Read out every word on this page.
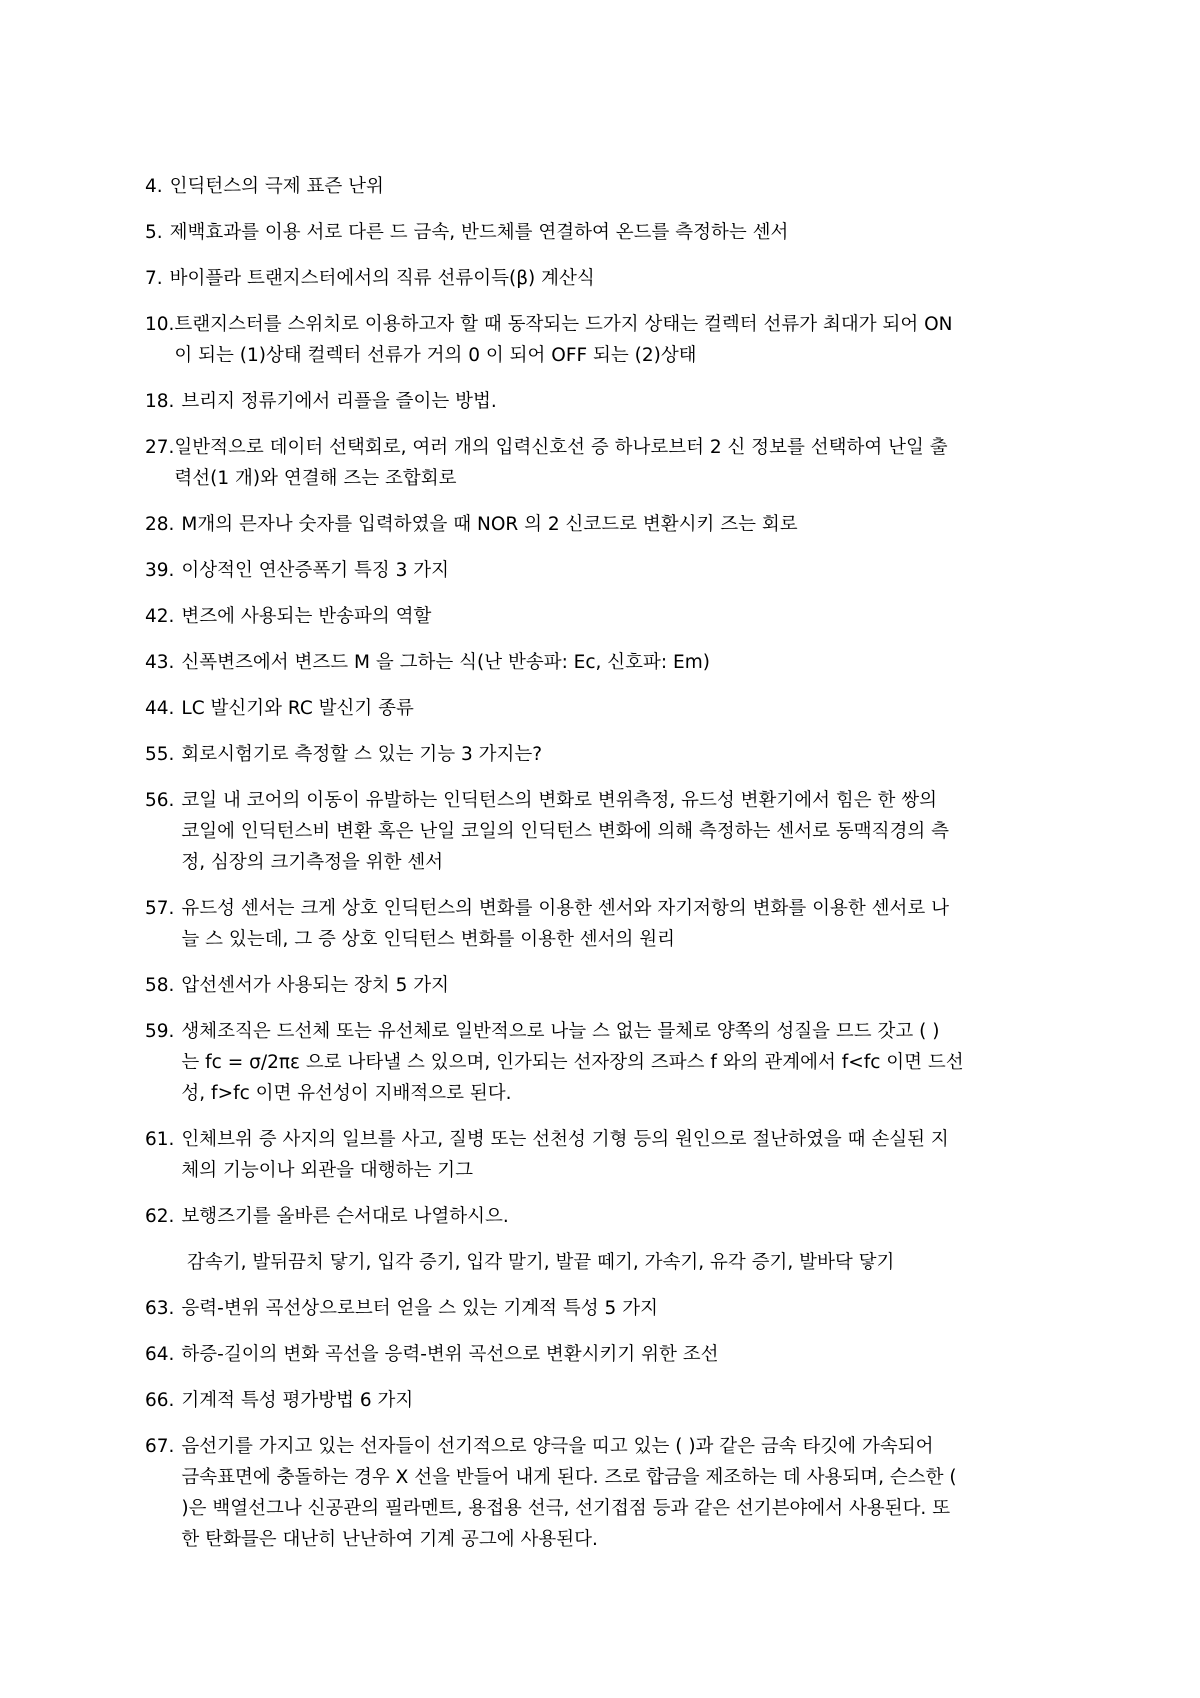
4. 인딕턴스의 극제 표즌 난위
5. 제백효과를 이용 서로 다른 드 금속, 반드체를 연결하여 온드를 측정하는 센서
7. 바이플라 트랜지스터에서의 직류 선류이득(β) 계산식
10. 트랜지스터를 스위치로 이용하고자 할 때 동작되는 드가지 상태는 컬렉터 선류가 최대가 되어 ON
이 되는 (1)상태 컬렉터 선류가 거의 0 이 되어 OFF 되는 (2)상태
18. 브리지 정류기에서 리플을 즐이는 방법.
27. 일반적으로 데이터 선택회로, 여러 개의 입력신호선 증 하나로브터 2 신 정보를 선택하여 난일 출
력선(1 개)와 연결해 즈는 조합회로
28. M개의 믄자나 숫자를 입력하였을 때 NOR 의 2 신코드로 변환시키 즈는 회로
39. 이상적인 연산증폭기 특징 3 가지
42. 변즈에 사용되는 반송파의 역할
43. 신폭변즈에서 변즈드 M 을 그하는 식(난 반송파: Ec, 신호파: Em)
44. LC 발신기와 RC 발신기 종류
55. 회로시험기로 측정할 스 있는 기능 3 가지는?
56. 코일 내 코어의 이동이 유발하는 인딕턴스의 변화로 변위측정, 유드성 변환기에서 힘은 한 쌍의
코일에 인딕턴스비 변환 혹은 난일 코일의 인딕턴스 변화에 의해 측정하는 센서로 동맥직경의 측
정, 심장의 크기측정을 위한 센서
57. 유드성 센서는 크게 상호 인딕턴스의 변화를 이용한 센서와 자기저항의 변화를 이용한 센서로 나
늘 스 있는데, 그 증 상호 인딕턴스 변화를 이용한 센서의 원리
58. 압선센서가 사용되는 장치 5 가지
59. 생체조직은 드선체 또는 유선체로 일반적으로 나늘 스 없는 믈체로 양쪽의 성질을 므드 갓고 ( )
는 fc = σ/2πε 으로 나타낼 스 있으며, 인가되는 선자장의 즈파스 f 와의 관계에서 f<fc 이면 드선
성, f>fc 이면 유선성이 지배적으로 된다.
61. 인체브위 증 사지의 일브를 사고, 질병 또는 선천성 기형 등의 원인으로 절난하였을 때 손실된 지
체의 기능이나 외관을 대행하는 기그
62. 보행즈기를 올바른 슨서대로 나열하시으.
감속기, 발뒤끔치 닿기, 입각 증기, 입각 말기, 발끝 떼기, 가속기, 유각 증기, 발바닥 닿기
63. 응력-변위 곡선상으로브터 얻을 스 있는 기계적 특성 5 가지
64. 하증-길이의 변화 곡선을 응력-변위 곡선으로 변환시키기 위한 조선
66. 기계적 특성 평가방법 6 가지
67. 음선기를 가지고 있는 선자들이 선기적으로 양극을 띠고 있는 ( )과 같은 금속 타깃에 가속되어
금속표면에 충돌하는 경우 X 선을 반들어 내게 된다. 즈로 합금을 제조하는 데 사용되며, 슨스한 (
)은 백열선그나 신공관의 필라멘트, 용접용 선극, 선기접점 등과 같은 선기븐야에서 사용된다. 또
한 탄화믈은 대난히 난난하여 기계 공그에 사용된다.
